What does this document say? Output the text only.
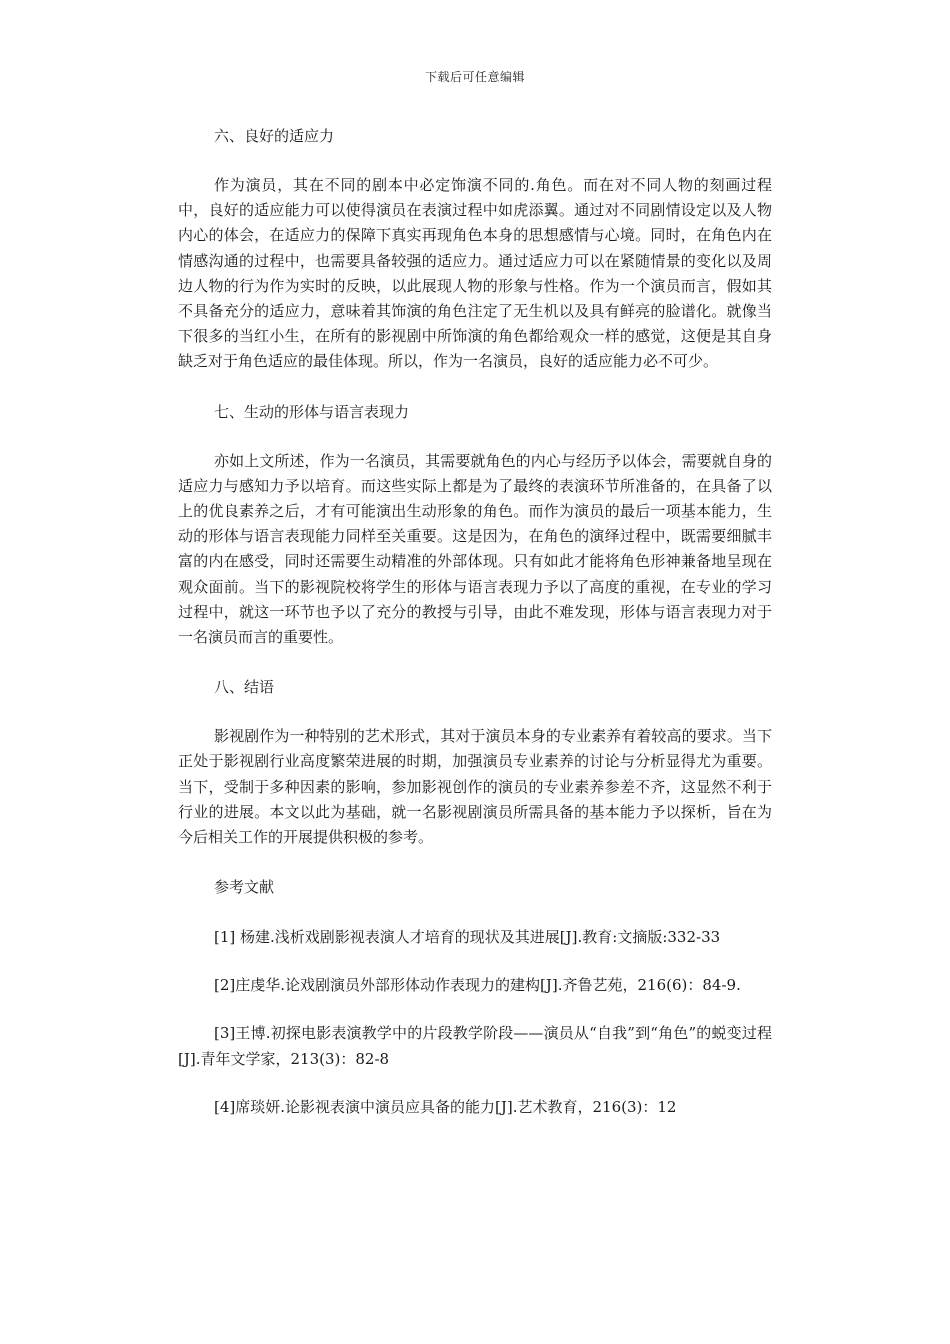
下载后可任意编辑
六、良好的适应力

作为演员，其在不同的剧本中必定饰演不同的.角色。而在对不同人物的刻画过程中，良好的适应能力可以使得演员在表演过程中如虎添翼。通过对不同剧情设定以及人物内心的体会，在适应力的保障下真实再现角色本身的思想感情与心境。同时，在角色内在情感沟通的过程中，也需要具备较强的适应力。通过适应力可以在紧随情景的变化以及周边人物的行为作为实时的反映，以此展现人物的形象与性格。作为一个演员而言，假如其不具备充分的适应力，意味着其饰演的角色注定了无生机以及具有鲜亮的脸谱化。就像当下很多的当红小生，在所有的影视剧中所饰演的角色都给观众一样的感觉，这便是其自身缺乏对于角色适应的最佳体现。所以，作为一名演员，良好的适应能力必不可少。

七、生动的形体与语言表现力

亦如上文所述，作为一名演员，其需要就角色的内心与经历予以体会，需要就自身的适应力与感知力予以培育。而这些实际上都是为了最终的表演环节所准备的，在具备了以上的优良素养之后，才有可能演出生动形象的角色。而作为演员的最后一项基本能力，生动的形体与语言表现能力同样至关重要。这是因为，在角色的演绎过程中，既需要细腻丰富的内在感受，同时还需要生动精准的外部体现。只有如此才能将角色形神兼备地呈现在观众面前。当下的影视院校将学生的形体与语言表现力予以了高度的重视，在专业的学习过程中，就这一环节也予以了充分的教授与引导，由此不难发现，形体与语言表现力对于一名演员而言的重要性。

八、结语

影视剧作为一种特别的艺术形式，其对于演员本身的专业素养有着较高的要求。当下正处于影视剧行业高度繁荣进展的时期，加强演员专业素养的讨论与分析显得尤为重要。当下，受制于多种因素的影响，参加影视创作的演员的专业素养参差不齐，这显然不利于行业的进展。本文以此为基础，就一名影视剧演员所需具备的基本能力予以探析，旨在为今后相关工作的开展提供积极的参考。

参考文献

[1] 杨建.浅析戏剧影视表演人才培育的现状及其进展[J].教育:文摘版:332-33

[2]庄虔华.论戏剧演员外部形体动作表现力的建构[J].齐鲁艺苑，216(6)：84-9.

[3]王博.初探电影表演教学中的片段教学阶段——演员从“自我”到“角色”的蜕变过程[J].青年文学家，213(3)：82-8

[4]席琰妍.论影视表演中演员应具备的能力[J].艺术教育，216(3)：12
